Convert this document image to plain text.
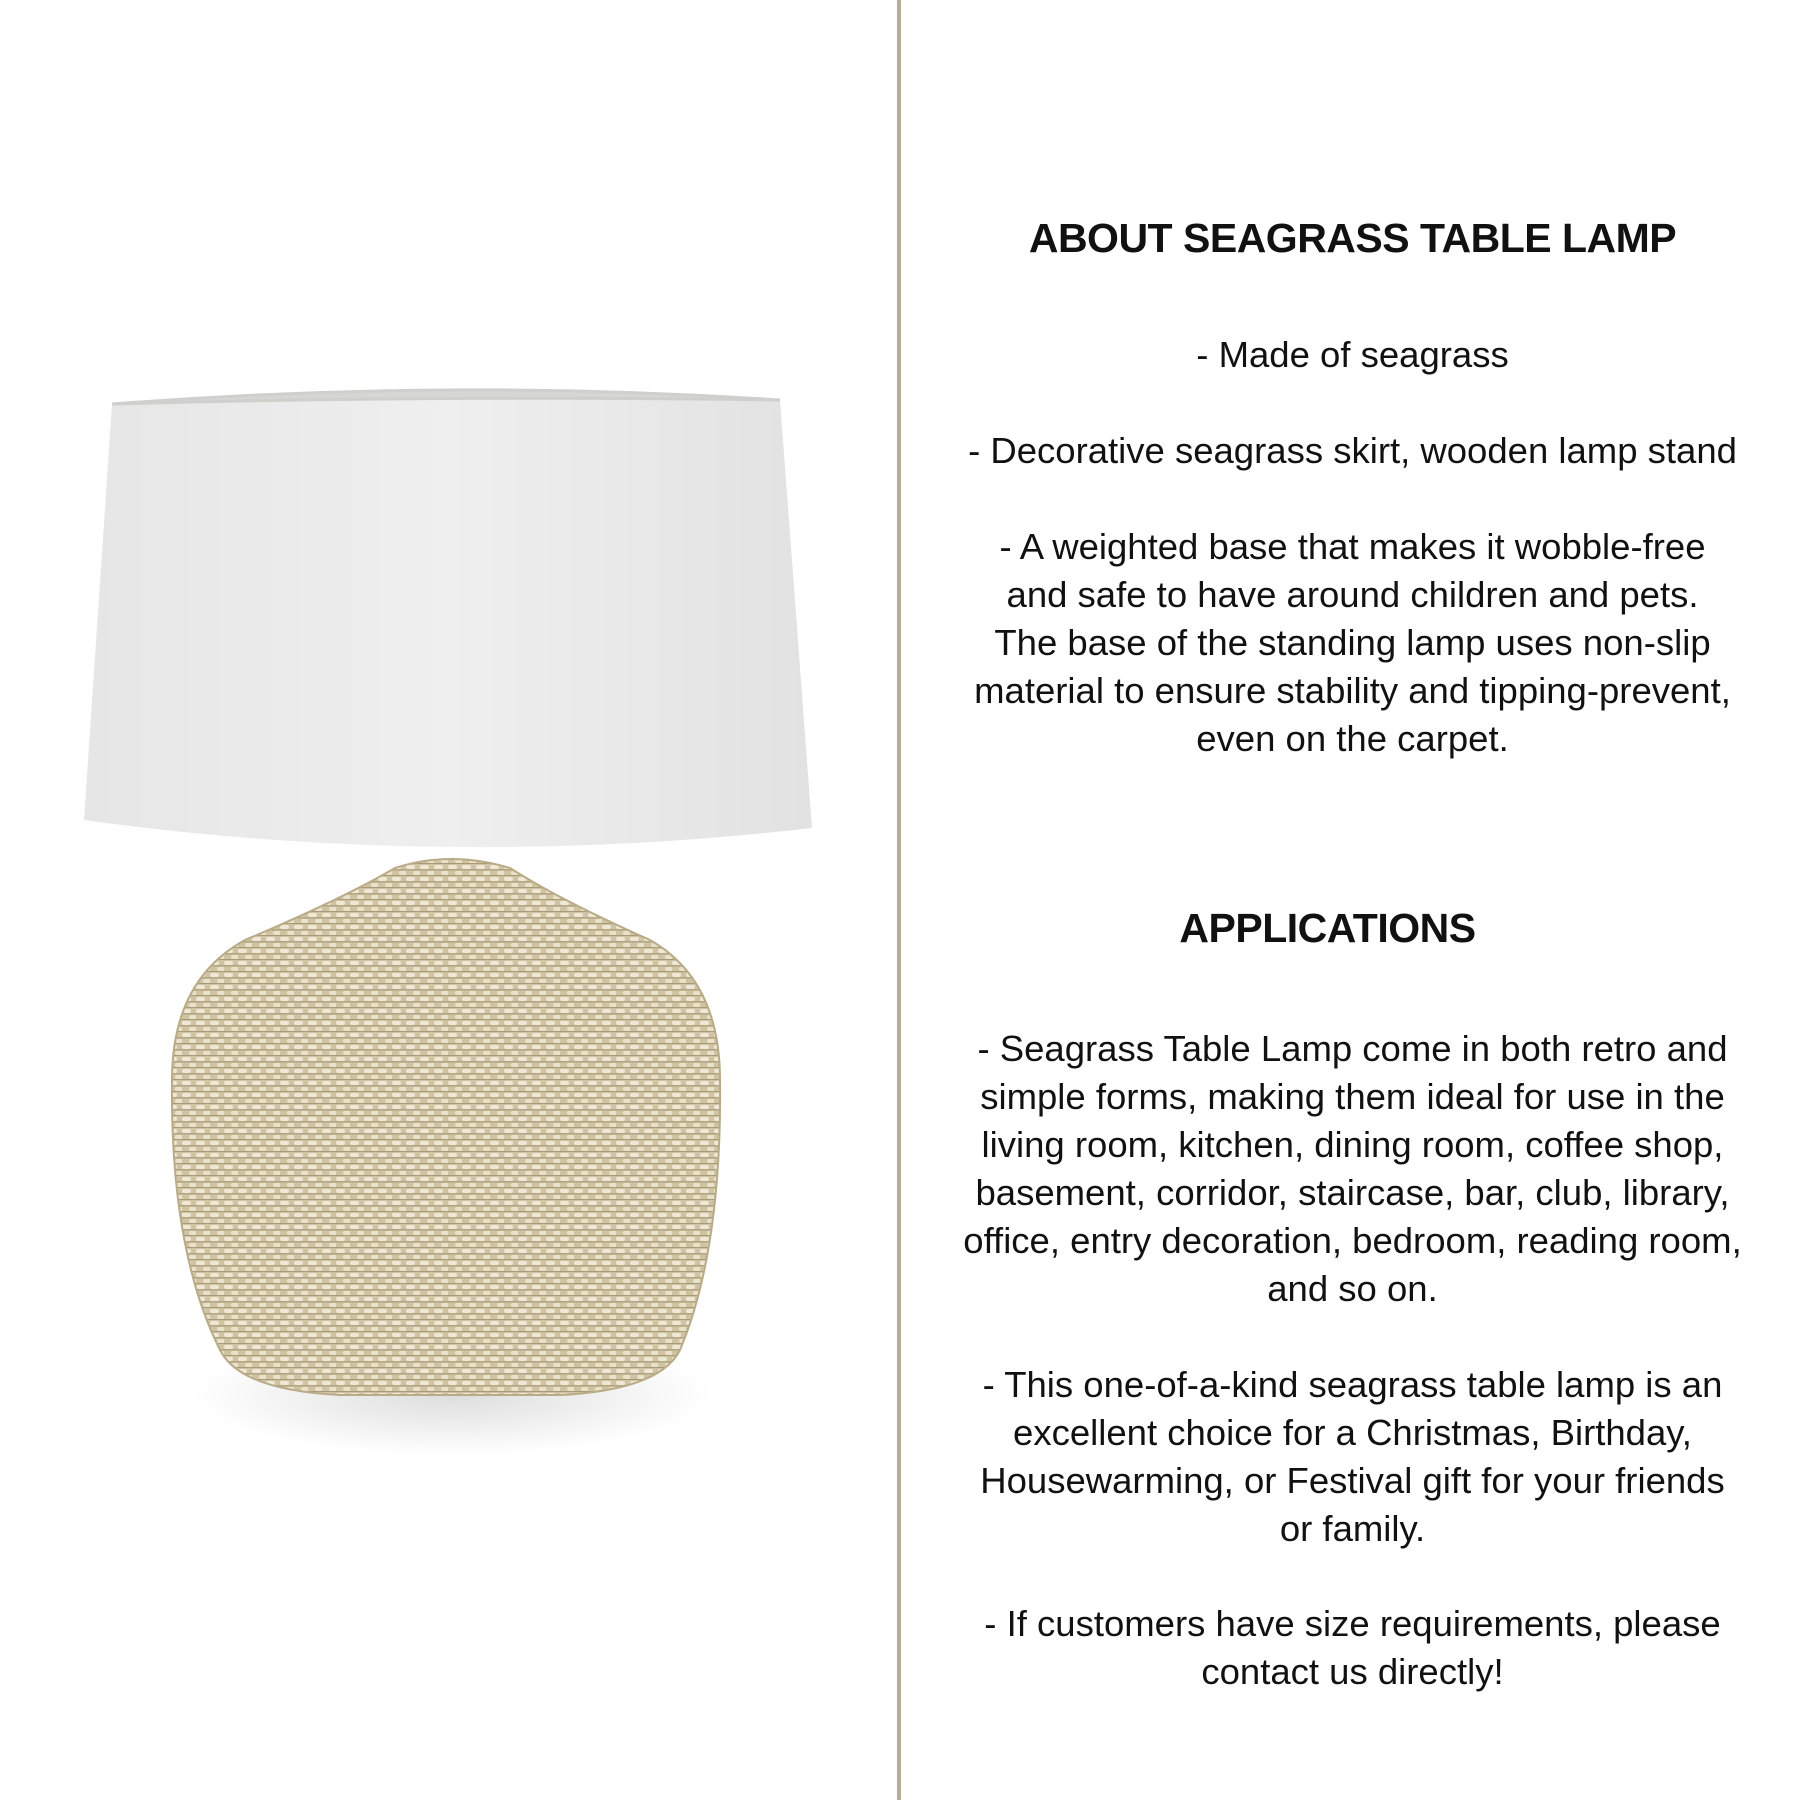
ABOUT SEAGRASS TABLE LAMP
- Made of seagrass
- Decorative seagrass skirt, wooden lamp stand
- A weighted base that makes it wobble-free
and safe to have around children and pets.
The base of the standing lamp uses non-slip
material to ensure stability and tipping-prevent,
even on the carpet.
APPLICATIONS
- Seagrass Table Lamp come in both retro and
simple forms, making them ideal for use in the
living room, kitchen, dining room, coffee shop,
basement, corridor, staircase, bar, club, library,
office, entry decoration, bedroom, reading room,
and so on.
- This one-of-a-kind seagrass table lamp is an
excellent choice for a Christmas, Birthday,
Housewarming, or Festival gift for your friends
or family.
- If customers have size requirements, please
contact us directly!
